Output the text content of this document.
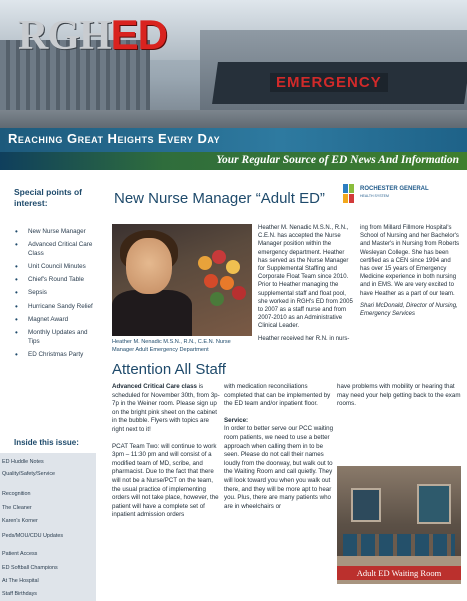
EMERGENCY
RGHED
Reaching Great Heights Every Day
Your Regular Source of ED News And Information
Special points of interest:
• New Nurse Manager
• Advanced Critical Care Class
• Unit Council Minutes
• Chief's Round Table
• Sepsis
• Hurricane Sandy Relief
• Magnet Award
• Monthly Updates and Tips
• ED Christmas Party
Inside this issue:
ED Huddle Notes
Quality/Safety/Service
Recognition
The Cleaner
Karen's Korner
Peds/MOU/CDU Updates
Patient Access
ED Softball Champions
At The Hospital
Staff Birthdays
New Nurse Manager “Adult ED”
ROCHESTER GENERAL
HEALTH SYSTEM
Heather M. Nenadic M.S.N., R.N., C.E.N. Nurse Manager Adult Emergency Department

Heather M. Nenadic M.S.N., R.N., C.E.N. has accepted the Nurse Manager position within the emergency department. Heather has served as the Nurse Manager for Supplemental Staffing and Corporate Float Team since 2010. Prior to Heather managing the supplemental staff and float pool, she worked in RGH's ED from 2005 to 2007 as a staff nurse and from 2007-2010 as an Administrative Clinical Leader.

Heather received her R.N. in nurs-

ing from Millard Fillmore Hospital's School of Nursing and her Bachelor's and Master's in Nursing from Roberts Wesleyan College. She has been certified as a CEN since 1994 and has over 15 years of Emergency Medicine experience in both nursing and in EMS. We are very excited to have Heather as a part of our team.

Shari McDonald, Director of Nursing, Emergency Services

Attention All Staff

Advanced Critical Care class is scheduled for November 30th, from 3p-7p in the Weiner room. Please sign up on the bright pink sheet on the cabinet in the bubble. Flyers with topics are right next to it!

PCAT Team Two: will continue to work 3pm – 11:30 pm and will consist of a modified team of MD, scribe, and pharmacist. Due to the fact that there will not be a Nurse/PCT on the team, the usual practice of implementing orders will not take place, however, the patient will have a complete set of inpatient admission orders

with medication reconciliations completed that can be implemented by the ED team and/or inpatient floor.

Service:

In order to better serve our PCC waiting room patients, we need to use a better approach when calling them in to be seen. Please do not call their names loudly from the doorway, but walk out to the Waiting Room and call quietly. They will look toward you when you walk out there, and they will be more apt to hear you. Plus, there are many patients who are in wheelchairs or

have problems with mobility or hearing that may need your help getting back to the exam rooms.

Adult ED Waiting Room
